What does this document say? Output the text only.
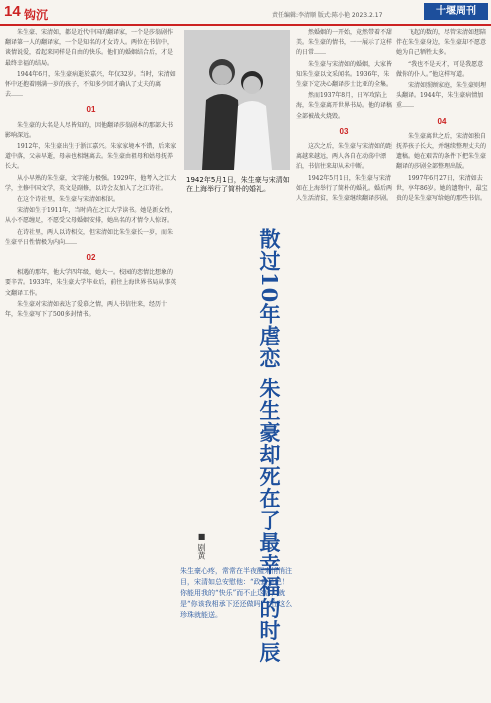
14 钩沉	责任编辑:李清顺 版式:陈小艳 2023.2.17	十堰周刊

朱生豪、宋清如，都是近代中国的翻译家，一个是莎翁剧作翻译第一人的翻译家，一个是知名的才女诗人。两位在书信中，谈情说爱，看起来同样是自由的快乐。他们的婚姻结合后，才是最终幸福的结局。

1944年6月，朱生豪病逝於嘉兴，年仅32岁。当时，宋清如怀中还抱着刚满一岁的孩子，不知多少回才确认了丈夫的离去……

01

朱生豪的大名是人尽皆知的，因他翻译莎翁剧本的那部大书影响深远。

1912年，朱生豪出生于浙江嘉兴。朱家家境本不错，后来家道中落，父亲早逝，母亲也相继离去。朱生豪由祖母和姑母抚养长大。

从小早熟的朱生豪，文字能力极强。1929年，他考入之江大学，主修中国文学，英文是副修，以诗会友加入了之江诗社。

在这个诗社里，朱生豪与宋清如相识。

宋清如生于1911年，当时尚在之江大学读书。她是新女性，从小不愿缠足，不愿受父母婚姻安排，她出名的才情令人惊讶。

在诗社里，两人以诗相交，但宋清如比朱生豪长一岁，而朱生豪平日性情极为内向……

02

相遇的那年，他大学四年级，她大一。校园的恋情比想象的要辛苦。1933年，朱生豪大学毕业后，前往上海世界书局从事英文翻译工作。

朱生豪对宋清如表达了爱慕之情，两人书信往来，经历十年，朱生豪写下了500多封情书。

1942年5月1日，朱生豪与宋清如在上海举行了简朴的婚礼。
散过10年虐恋 朱生豪却死在了最幸福的时辰
■ 剧黄
朱生豪心疼，常常在半夜醒来悄悄注目，宋清如总安慰他：“政真是吧！你能用我的“快乐”而不止这后，就是“你该我相承下还还做吗？“在这么珍珠就能送。

然婚姻的一开始，竟然带着不甜美。朱生豪的情书，一一展示了这样的日常……

朱生豪与宋清如的婚姻，大家皆知朱生豪以文采闻名。1936年，朱生豪下定决心翻译莎士比亚的全集。

然而1937年8月，日军攻陷上海，朱生豪离开世界书局。他的译稿全部被战火烧毁。

03

这次之后，朱生豪与宋清如的距离越来越远，两人各自在动荡中漂泊，书信往来却从未中断。

1942年5月1日，朱生豪与宋清如在上海举行了简朴的婚礼。婚后两人生活清贫，朱生豪继续翻译莎剧。

飞起的数的，尽管宋清如想陪伴在朱生豪身边，朱生豪却不愿意她为自己牺牲太多。

“我也不是天才，可是我愿意做你的仆人。”他这样写道。

宋清如照顾家庭，朱生豪则埋头翻译。1944年，朱生豪病情加重……

04

朱生豪离世之后，宋清如独自抚养孩子长大，并继续整理丈夫的遗稿。她在艰苦的条件下把朱生豪翻译的莎剧全部整理出版。

1997年6月27日，宋清如去世，享年86岁。她的遗物中，最宝贵的是朱生豪写给她的那些书信。
